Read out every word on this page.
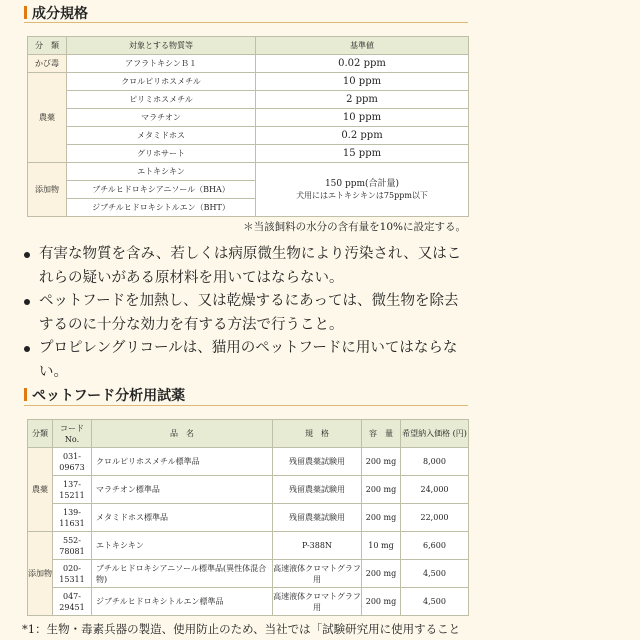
成分規格
分　類	対象とする物質等	基準値
かび毒	アフラトキシンＢ１	0.02 ppm
農薬	クロルピリホスメチル	10 ppm
	ピリミホスメチル	2 ppm
	マラチオン	10 ppm
	メタミドホス	0.2 ppm
	グリホサート	15 ppm
添加物	エトキシキン	150 ppm(合計量)
犬用にはエトキシキンは75ppm以下

	ブチルヒドロキシアニソール（BHA）	
	ジブチルヒドロキシトルエン（BHT）	
＊当該飼料の水分の含有量を10%に設定する。
有害な物質を含み、若しくは病原微生物により汚染され、又はこれらの疑いがある原材料を用いてはならない。
ペットフードを加熱し、又は乾燥するにあっては、微生物を除去するのに十分な効力を有する方法で行うこと。
プロピレングリコールは、猫用のペットフードに用いてはならない。
ペットフード分析用試薬
分類	コード No.	品　名	規　格	容　量	希望納入価格 (円)
農薬	031-09673	クロルピリホスメチル標準品	残留農薬試験用	200 mg	8,000
	137-15211	マラチオン標準品	残留農薬試験用	200 mg	24,000
	139-11631	メタミドホス標準品	残留農薬試験用	200 mg	22,000
添加物	552-78081	エトキシキン	P-388N	10 mg	6,600
	020-15311	ブチルヒドロキシアニソール標準品(異性体混合物)	高速液体クロマトグラフ用	200 mg	4,500
	047-29451	ジブチルヒドロキシトルエン標準品	高速液体クロマトグラフ用	200 mg	4,500
*1：生物・毒素兵器の製造、使用防止のため、当社では「試験研究用に使用すること
